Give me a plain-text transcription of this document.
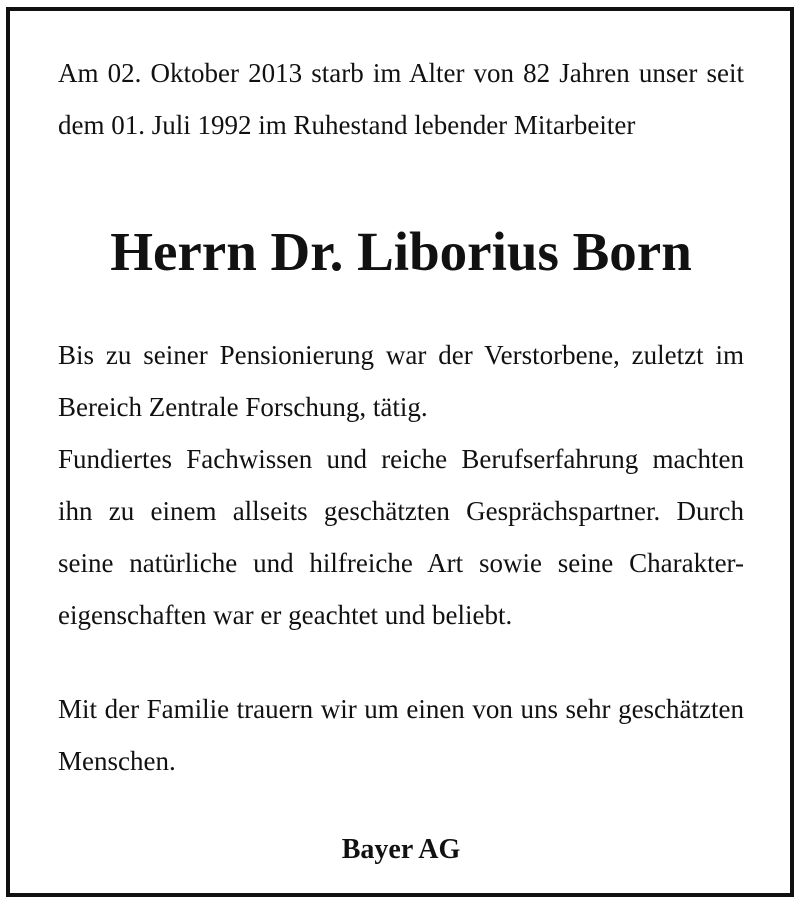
Am 02. Oktober 2013 starb im Alter von 82 Jahren unser seit
dem 01. Juli 1992 im Ruhestand lebender Mitarbeiter

Herrn Dr. Liborius Born

Bis zu seiner Pensionierung war der Verstorbene, zuletzt im
Bereich Zentrale Forschung, tätig.
Fundiertes Fachwissen und reiche Berufserfahrung machten
ihn zu einem allseits geschätzten Gesprächspartner. Durch
seine natürliche und hilfreiche Art sowie seine Charakter-
eigenschaften war er geachtet und beliebt.

Mit der Familie trauern wir um einen von uns sehr geschätzten
Menschen.

Bayer AG
